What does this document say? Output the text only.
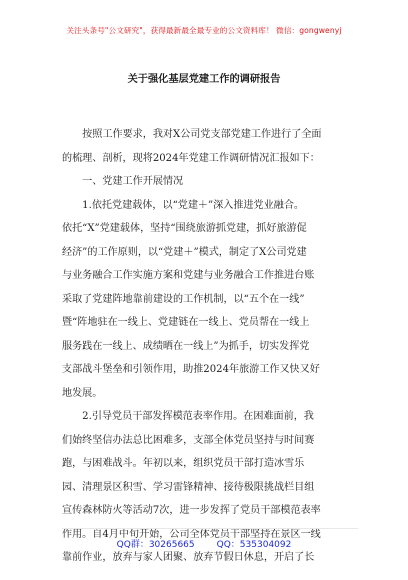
关注头条号"公文研究"，获得最新最全最专业的公文资料库！ 微信：gongwenyj
关于强化基层党建工作的调研报告
　　按照工作要求，我对X公司党支部党建工作进行了全面
的梳理、剖析，现将2024年党建工作调研情况汇报如下：
　　一、党建工作开展情况
　　1.依托党建载体，以“党建＋”深入推进党业融合。
依托“X”党建载体，坚持“围绕旅游抓党建，抓好旅游促
经济”的工作原则，以“党建＋”模式，制定了X公司党建
与业务融合工作实施方案和党建与业务融合工作推进台账
采取了党建阵地靠前建设的工作机制，以“五个在一线”
暨“阵地驻在一线上、党建链在一线上、党员帮在一线上
服务践在一线上、成绩晒在一线上”为抓手，切实发挥党
支部战斗堡垒和引领作用，助推2024年旅游工作又快又好
地发展。
　　2.引导党员干部发挥模范表率作用。在困难面前，我
们始终坚信办法总比困难多，支部全体党员坚持与时间赛
跑，与困难战斗。年初以来，组织党员干部打造冰雪乐
园、清理景区积雪、学习雷锋精神、接待极限挑战栏目组
宣传森林防火等活动7次，进一步发挥了党员干部模范表率
作用。自4月中旬开始，公司全体党员干部坚持在景区一线
靠前作业，放弃与家人团聚、放弃节假日休息，开启了长
QQ群：30265665 QQ：535304092
